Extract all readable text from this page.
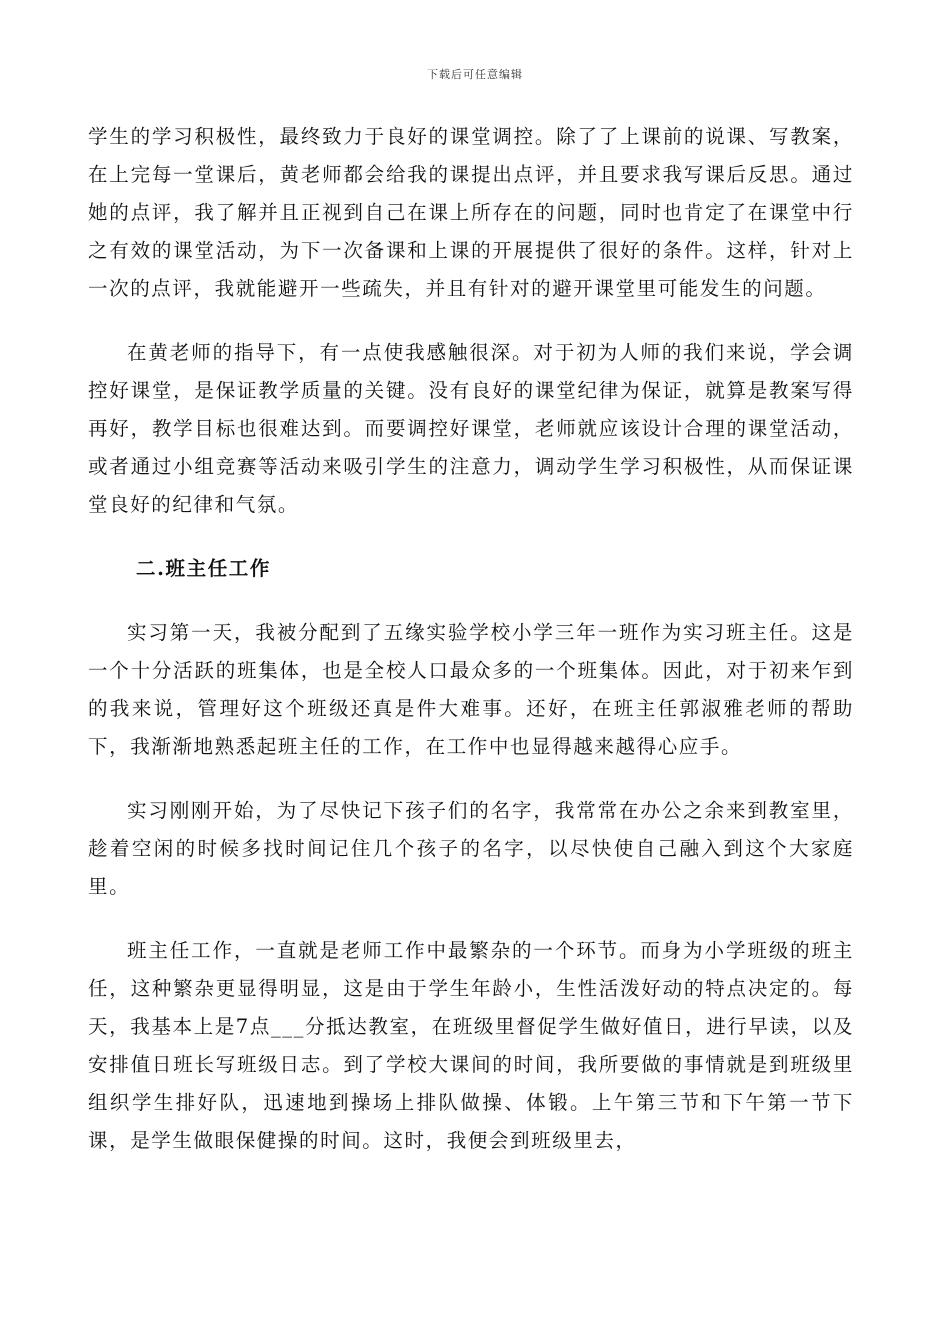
下载后可任意编辑

学生的学习积极性，最终致力于良好的课堂调控。除了了上课前的说课、写教案，在上完每一堂课后，黄老师都会给我的课提出点评，并且要求我写课后反思。通过她的点评，我了解并且正视到自己在课上所存在的问题，同时也肯定了在课堂中行之有效的课堂活动，为下一次备课和上课的开展提供了很好的条件。这样，针对上一次的点评，我就能避开一些疏失，并且有针对的避开课堂里可能发生的问题。

在黄老师的指导下，有一点使我感触很深。对于初为人师的我们来说，学会调控好课堂，是保证教学质量的关键。没有良好的课堂纪律为保证，就算是教案写得再好，教学目标也很难达到。而要调控好课堂，老师就应该设计合理的课堂活动，或者通过小组竞赛等活动来吸引学生的注意力，调动学生学习积极性，从而保证课堂良好的纪律和气氛。

二.班主任工作

实习第一天，我被分配到了五缘实验学校小学三年一班作为实习班主任。这是一个十分活跃的班集体，也是全校人口最众多的一个班集体。因此，对于初来乍到的我来说，管理好这个班级还真是件大难事。还好，在班主任郭淑雅老师的帮助下，我渐渐地熟悉起班主任的工作，在工作中也显得越来越得心应手。

实习刚刚开始，为了尽快记下孩子们的名字，我常常在办公之余来到教室里，趁着空闲的时候多找时间记住几个孩子的名字，以尽快使自己融入到这个大家庭里。

班主任工作，一直就是老师工作中最繁杂的一个环节。而身为小学班级的班主任，这种繁杂更显得明显，这是由于学生年龄小，生性活泼好动的特点决定的。每天，我基本上是7点___分抵达教室，在班级里督促学生做好值日，进行早读，以及安排值日班长写班级日志。到了学校大课间的时间，我所要做的事情就是到班级里组织学生排好队，迅速地到操场上排队做操、体锻。上午第三节和下午第一节下课，是学生做眼保健操的时间。这时，我便会到班级里去，
